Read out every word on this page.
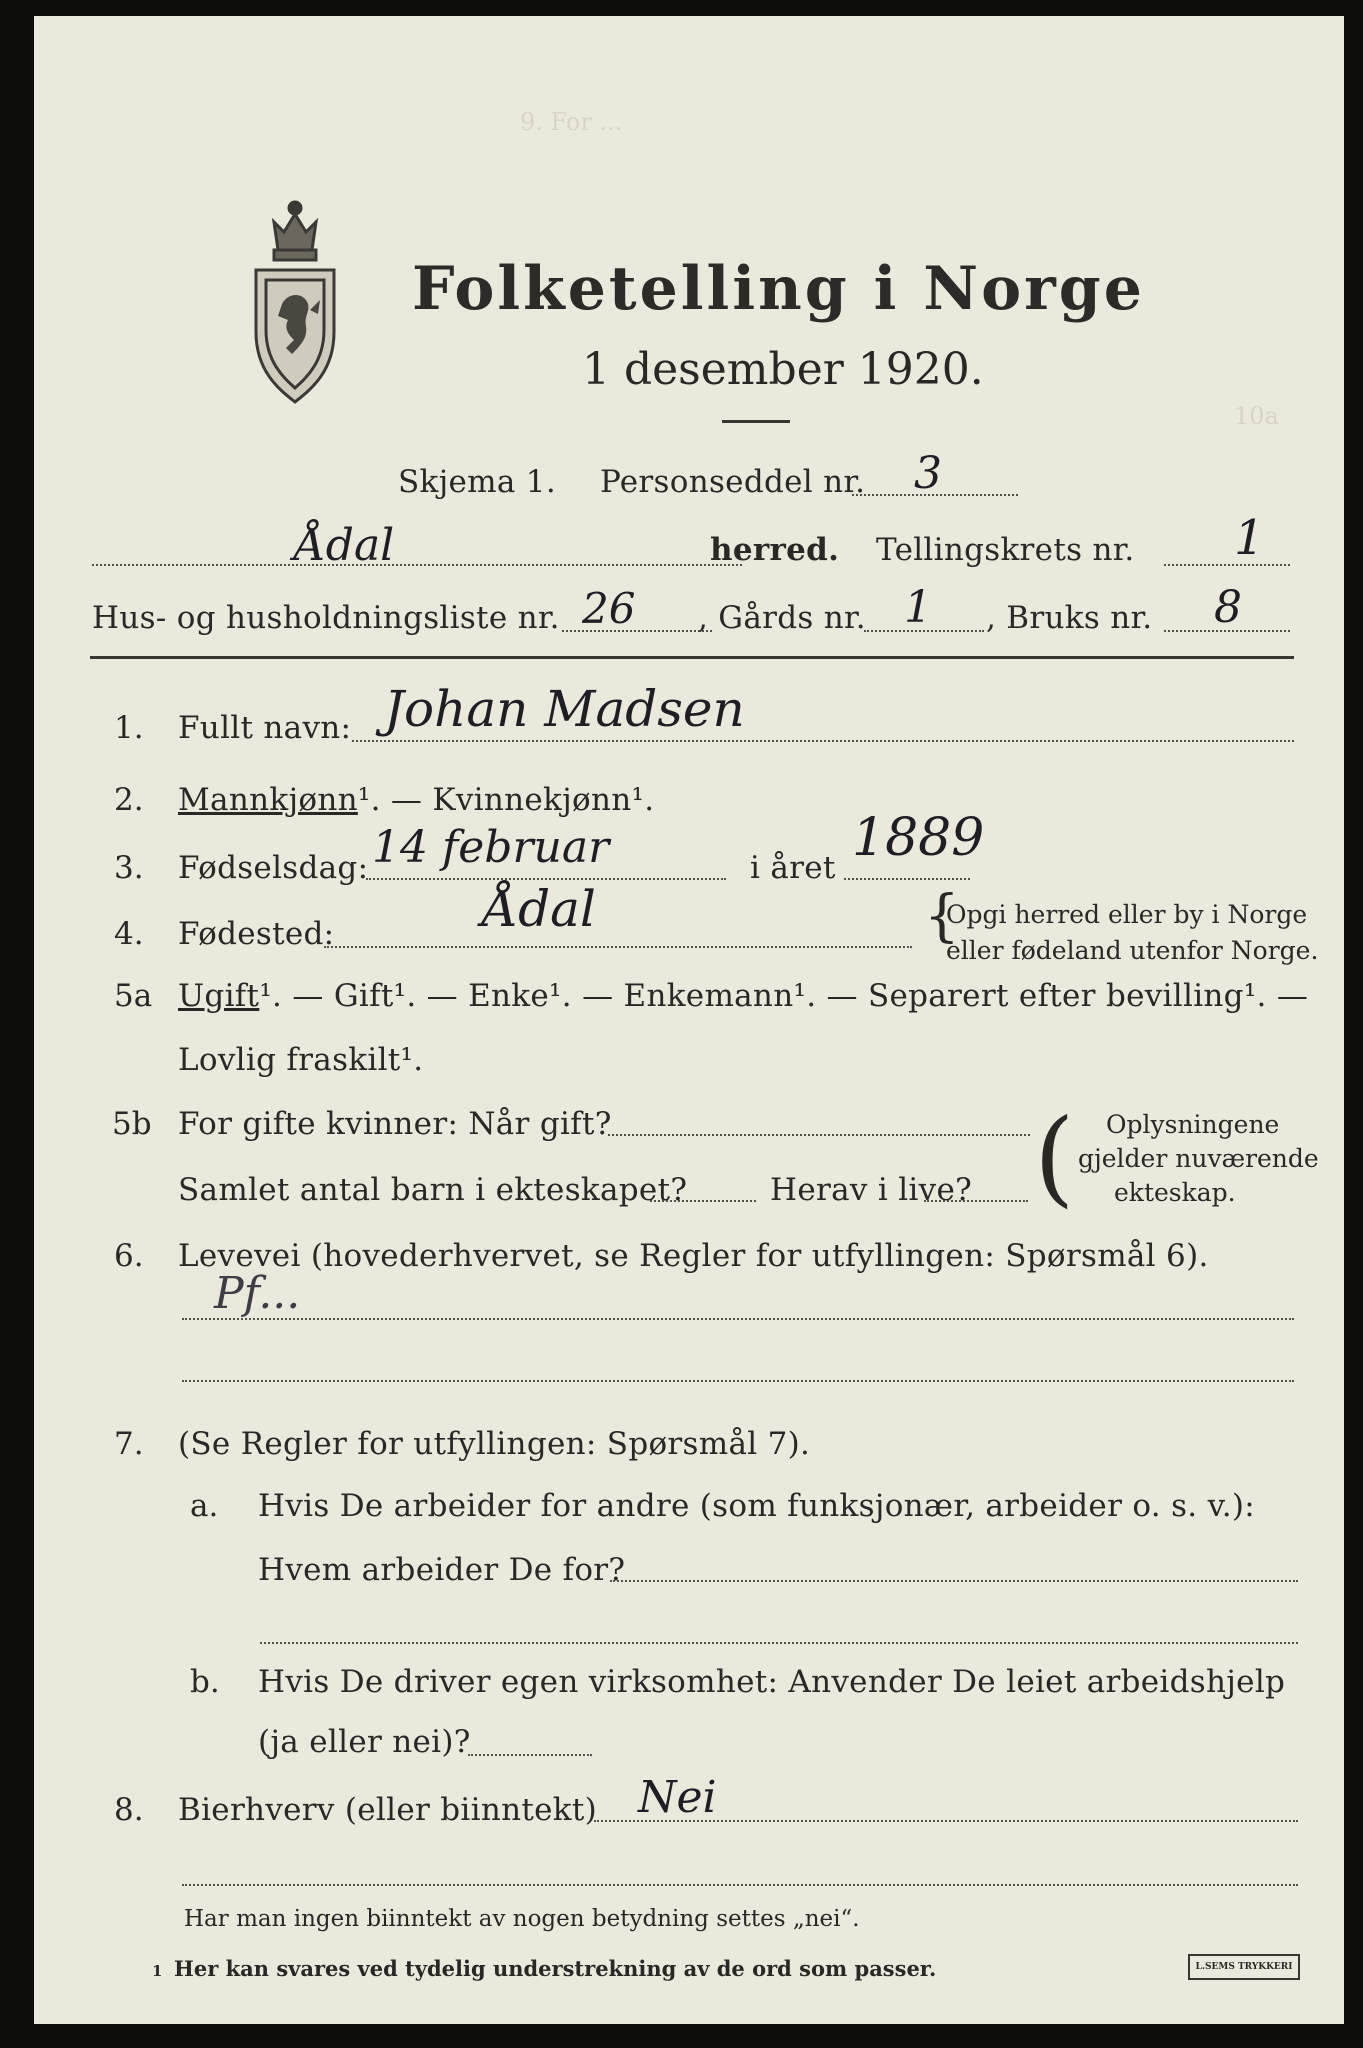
Folketelling i Norge
1 desember 1920.
9. For ...
10a
Skjema 1. Personseddel nr. 3
Ådal	herred. Tellingskrets nr. 1
Hus- og husholdningsliste nr. 26 , Gårds nr. 1 , Bruks nr. 8
1. Fullt navn: Johan Madsen
2. Mannkjønn¹. — Kvinnekjønn¹.
3. Fødselsdag: 14 februar	i året 1889
4. Fødested:	Ådal	{
Opgi herred eller by i Norge
eller fødeland utenfor Norge.
5a Ugift¹. — Gift¹. — Enke¹. — Enkemann¹. — Separert efter bevilling¹. —
Lovlig fraskilt¹.
5b For gifte kvinner: Når gift?
Samlet antal barn i ekteskapet?	Herav i live? ( Oplysningene
gjelder nuværende
ekteskap.
6. Levevei (hovederhvervet, se Regler for utfyllingen: Spørsmål 6).
Pf...
7. (Se Regler for utfyllingen: Spørsmål 7).
a. Hvis De arbeider for andre (som funksjonær, arbeider o. s. v.):
Hvem arbeider De for?
b. Hvis De driver egen virksomhet: Anvender De leiet arbeidshjelp
(ja eller nei)?
8. Bierhverv (eller biinntekt) Nei
Har man ingen biinntekt av nogen betydning settes „nei“.
1 Her kan svares ved tydelig understrekning av de ord som passer.	L.SEMS TRYKKERI
